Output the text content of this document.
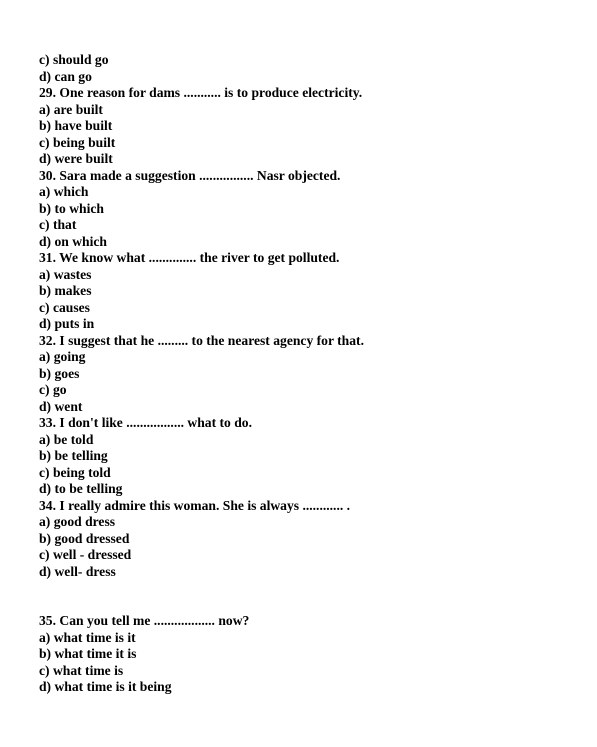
c) should go
d) can go
29. One reason for dams ........... is to produce electricity.
a) are built
b) have built
c) being built
d) were built
30. Sara made a suggestion ................ Nasr objected.
a) which
b) to which
c) that
d) on which
31. We know what .............. the river to get polluted.
a) wastes
b) makes
c) causes
d) puts in
32. I suggest that he ......... to the nearest agency for that.
a) going
b) goes
c) go
d) went
33. I don't like ................. what to do.
a) be told
b) be telling
c) being told
d) to be telling
34. I really admire this woman. She is always ............ .
a) good dress
b) good dressed
c) well - dressed
d) well- dress
35. Can you tell me .................. now?
a) what time is it
b) what time it is
c) what time is
d) what time is it being
